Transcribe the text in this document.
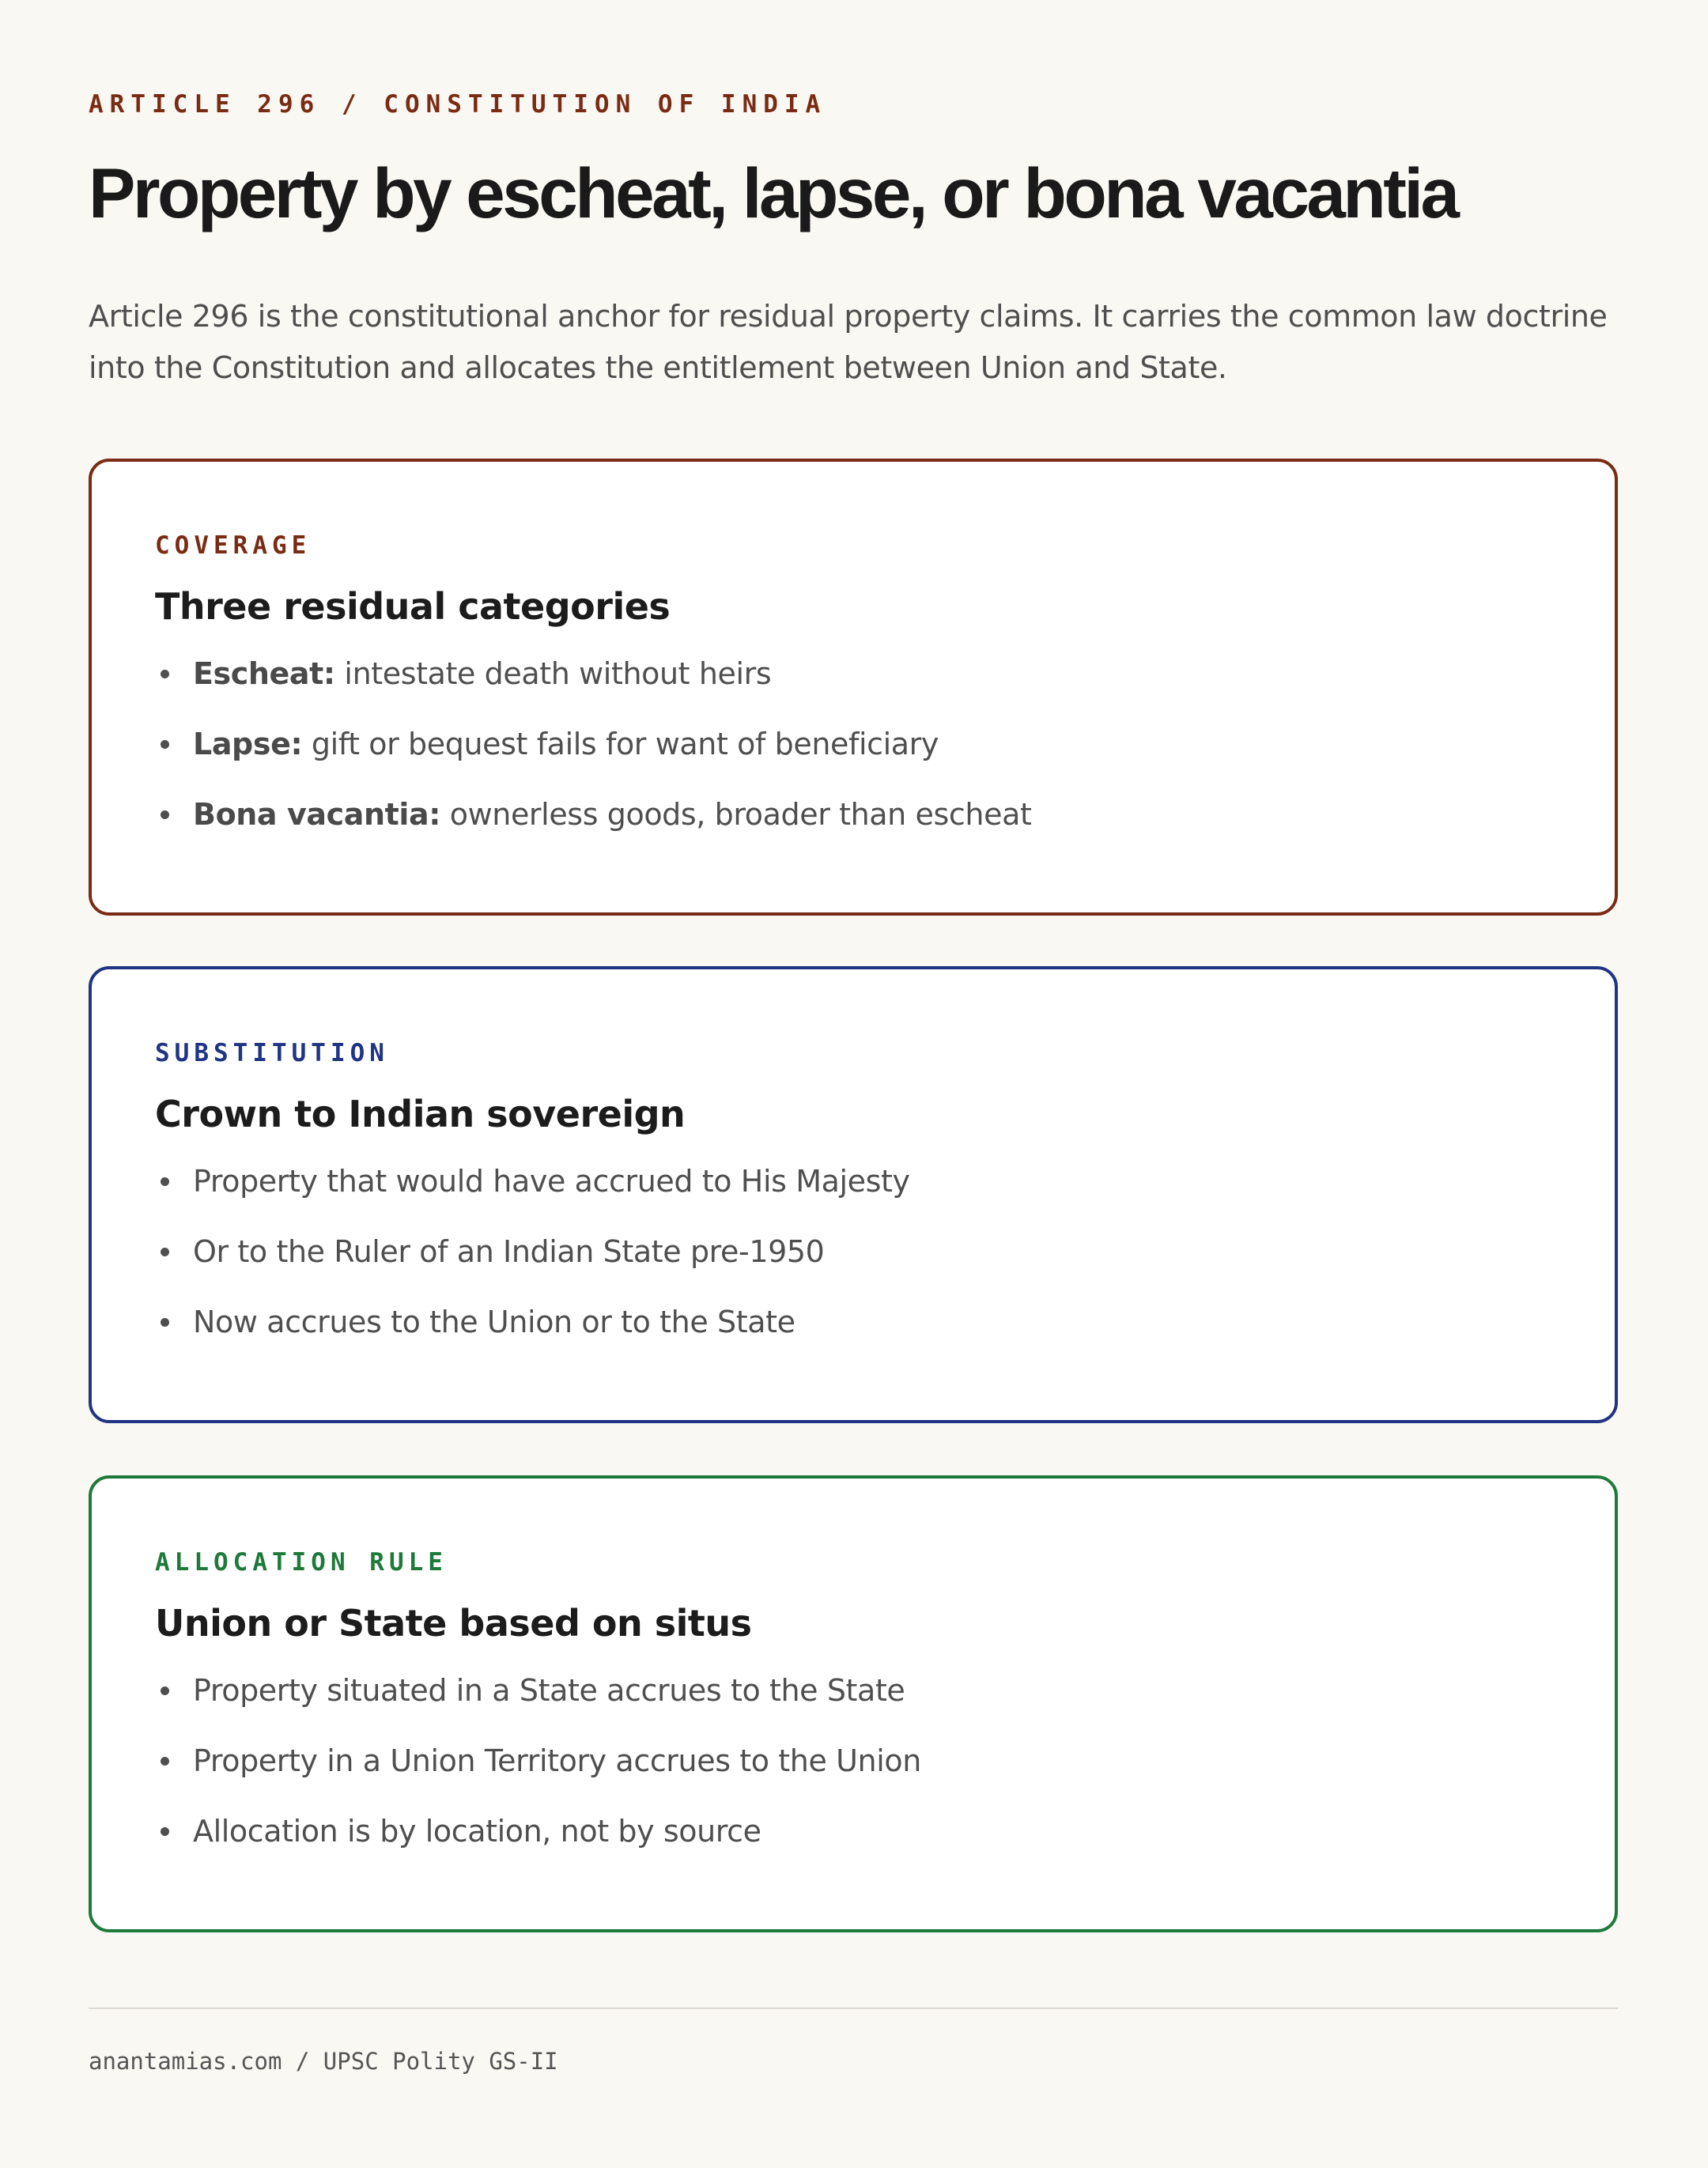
ARTICLE 296 / CONSTITUTION OF INDIA
Property by escheat, lapse, or bona vacantia

Article 296 is the constitutional anchor for residual property claims. It carries the common law doctrine into the Constitution and allocates the entitlement between Union and State.

COVERAGE
Three residual categories
Escheat: intestate death without heirs
Lapse: gift or bequest fails for want of beneficiary
Bona vacantia: ownerless goods, broader than escheat
SUBSTITUTION
Crown to Indian sovereign
Property that would have accrued to His Majesty
Or to the Ruler of an Indian State pre-1950
Now accrues to the Union or to the State
ALLOCATION RULE
Union or State based on situs
Property situated in a State accrues to the State
Property in a Union Territory accrues to the Union
Allocation is by location, not by source
anantamias.com / UPSC Polity GS-II
